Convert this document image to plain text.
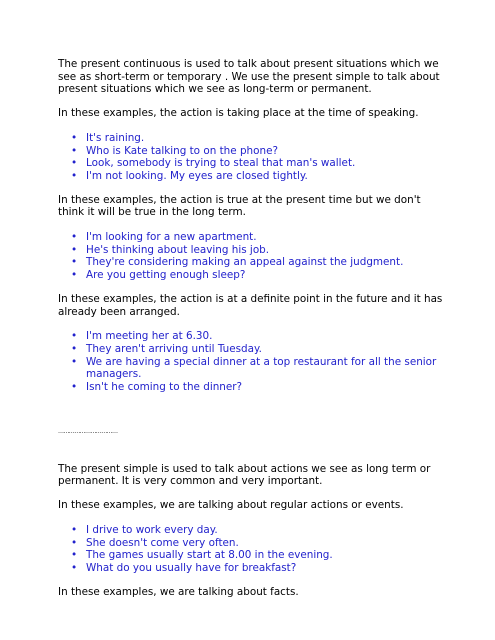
The present continuous is used to talk about present situations which we see as short-term or temporary . We use the present simple to talk about present situations which we see as long-term or permanent.

In these examples, the action is taking place at the time of speaking.

• It's raining.
• Who is Kate talking to on the phone?
• Look, somebody is trying to steal that man's wallet.
• I'm not looking. My eyes are closed tightly.

In these examples, the action is true at the present time but we don't think it will be true in the long term.

• I'm looking for a new apartment.
• He's thinking about leaving his job.
• They're considering making an appeal against the judgment.
• Are you getting enough sleep?

In these examples, the action is at a definite point in the future and it has already been arranged.

• I'm meeting her at 6.30.
• They aren't arriving until Tuesday.
• We are having a special dinner at a top restaurant for all the senior managers.
• Isn't he coming to the dinner?
……………………………

The present simple is used to talk about actions we see as long term or permanent. It is very common and very important.

In these examples, we are talking about regular actions or events.

• I drive to work every day.
• She doesn't come very often.
• The games usually start at 8.00 in the evening.
• What do you usually have for breakfast?

In these examples, we are talking about facts.
